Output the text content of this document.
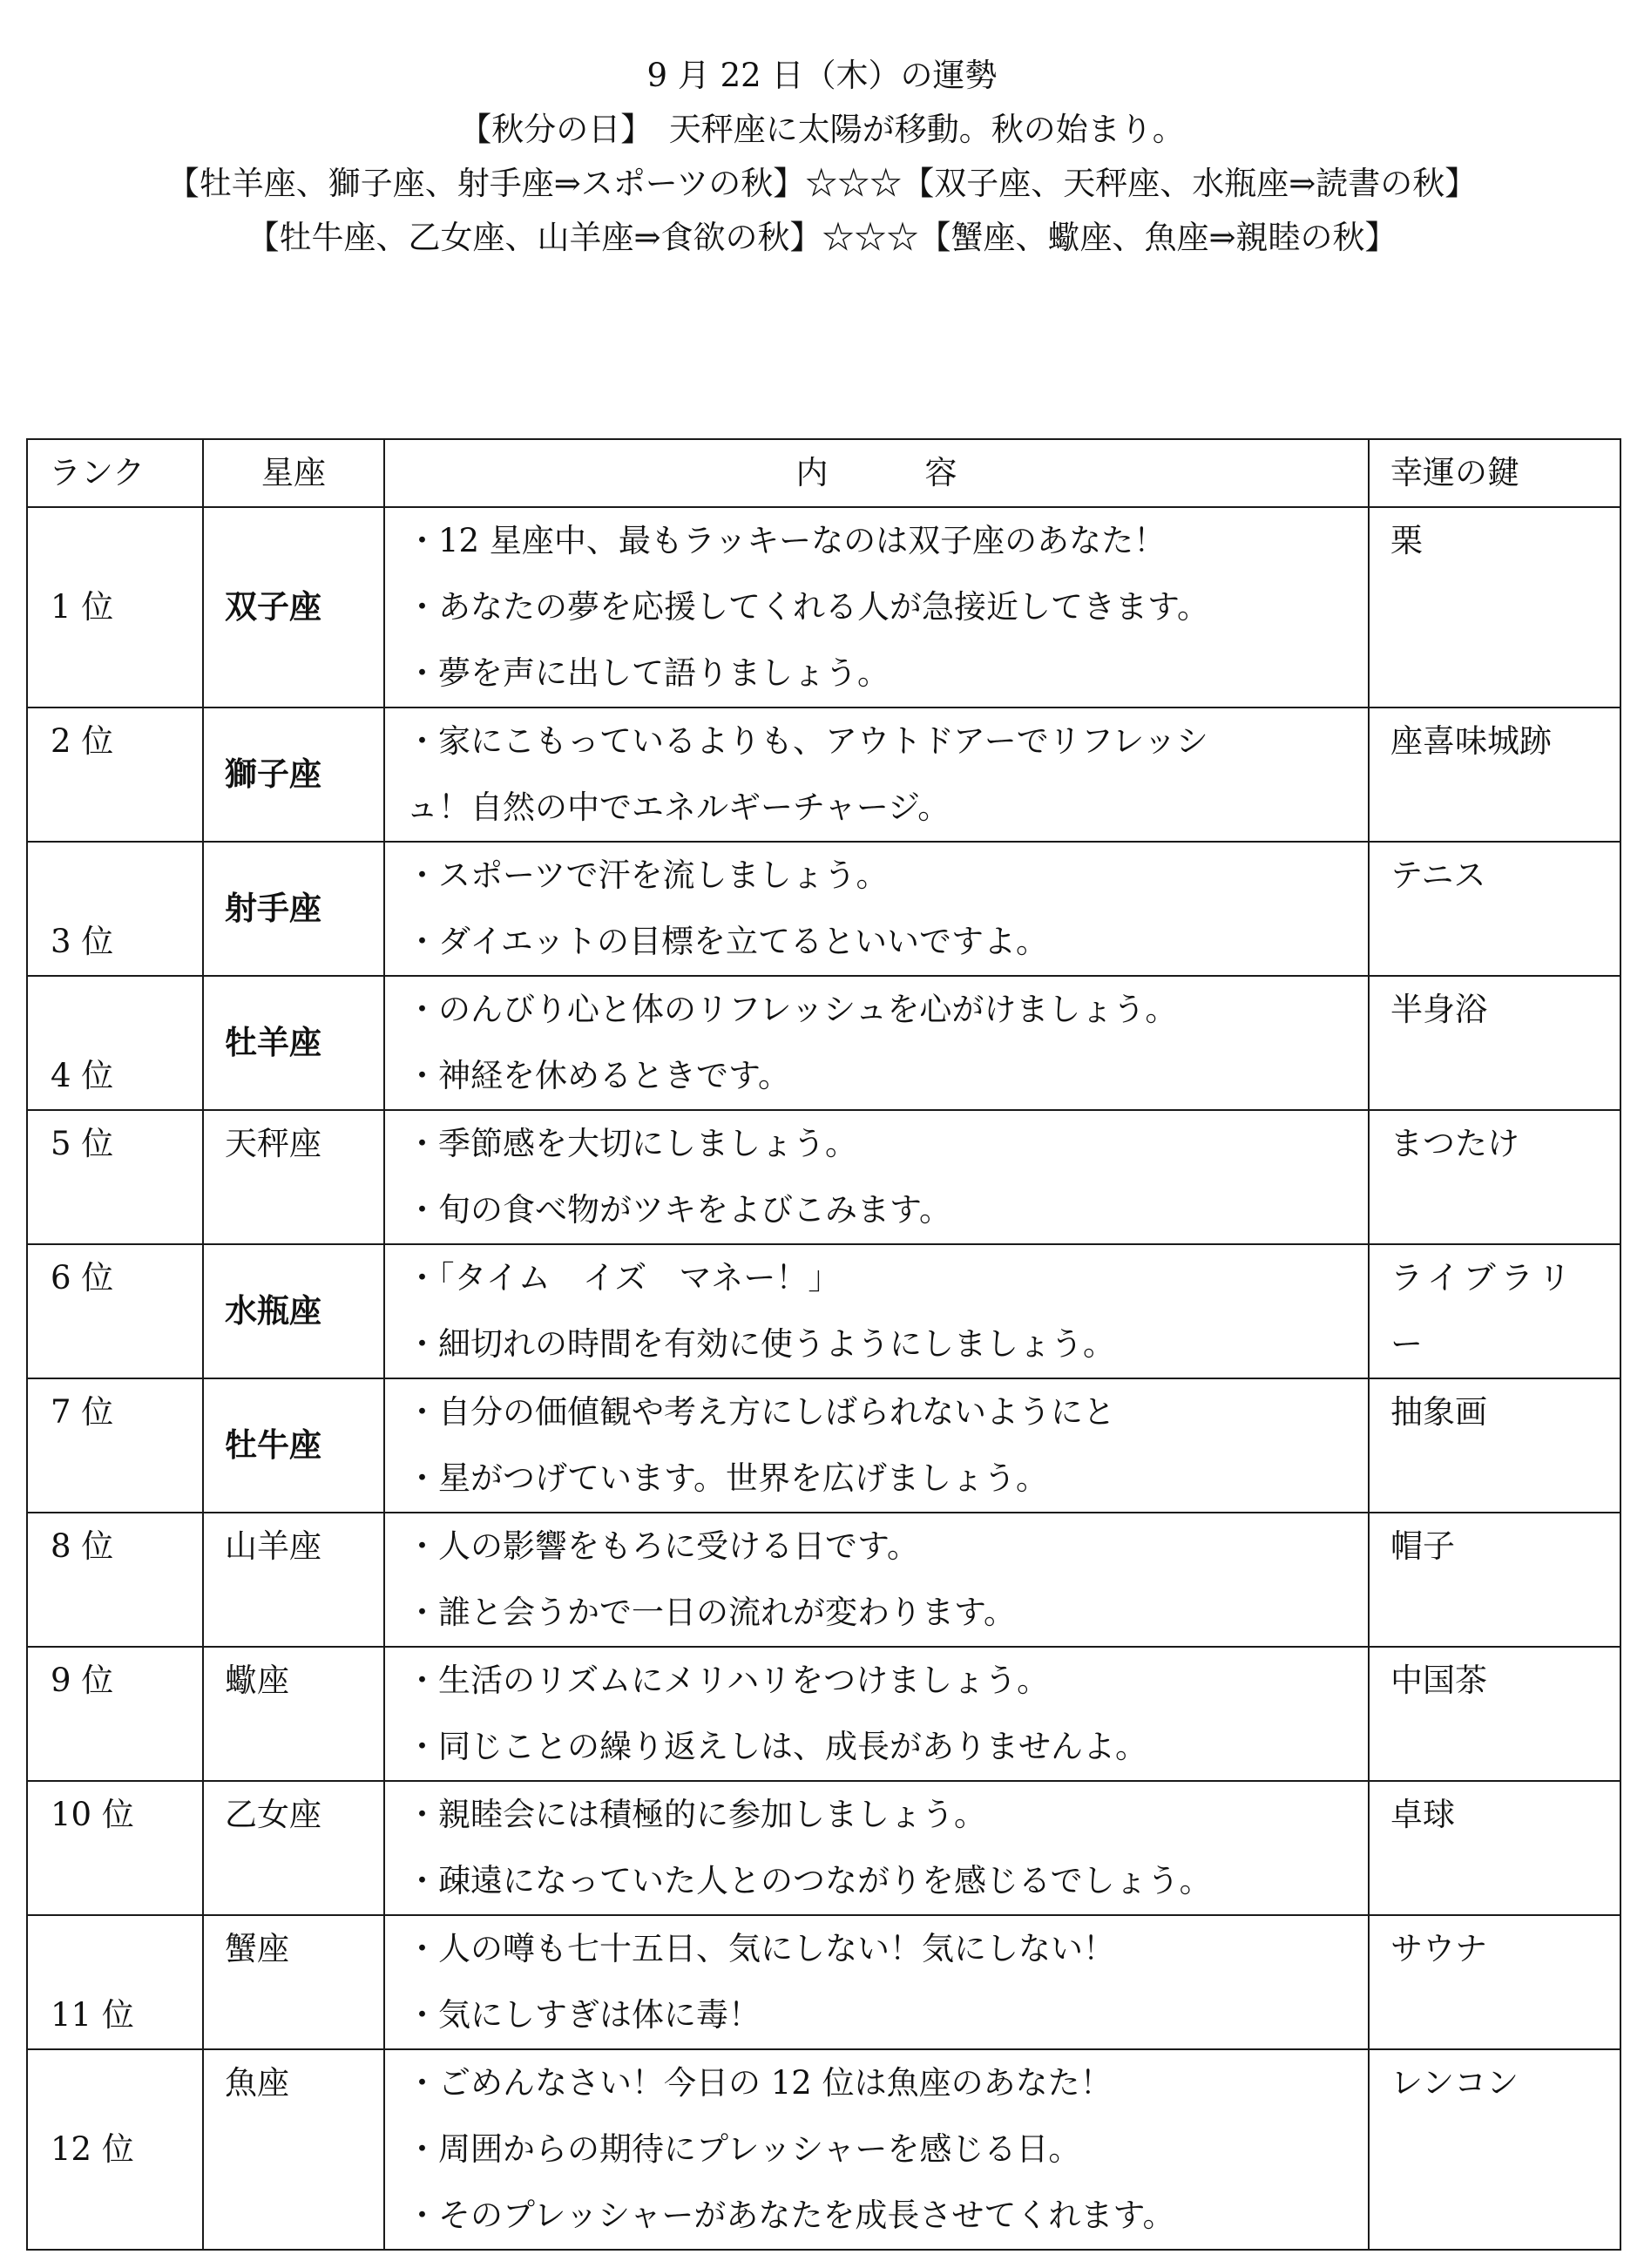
9 月 22 日（木）の運勢
【秋分の日】　天秤座に太陽が移動。秋の始まり。
【牡羊座、獅子座、射手座⇒スポーツの秋】☆☆☆【双子座、天秤座、水瓶座⇒読書の秋】
【牡牛座、乙女座、山羊座⇒食欲の秋】☆☆☆【蟹座、蠍座、魚座⇒親睦の秋】
ランク	星座	内　　　容	幸運の鍵

1 位	双子座	・12 星座中、最もラッキーなのは双子座のあなた！
・あなたの夢を応援してくれる人が急接近してきます。
・夢を声に出して語りましょう。	栗

2 位	獅子座	・家にこもっているよりも、アウトドアーでリフレッシ
ュ！自然の中でエネルギーチャージ。	座喜味城跡

3 位	射手座	・スポーツで汗を流しましょう。
・ダイエットの目標を立てるといいですよ。	テニス

4 位	牡羊座	・のんびり心と体のリフレッシュを心がけましょう。
・神経を休めるときです。	半身浴

5 位	天秤座	・季節感を大切にしましょう。
・旬の食べ物がツキをよびこみます。	まつたけ

6 位	水瓶座	・「タイム　イズ　マネー！」
・細切れの時間を有効に使うようにしましょう。	ライブラリー

7 位	牡牛座	・自分の価値観や考え方にしばられないようにと
・星がつげています。世界を広げましょう。	抽象画

8 位	山羊座	・人の影響をもろに受ける日です。
・誰と会うかで一日の流れが変わります。	帽子

9 位	蠍座	・生活のリズムにメリハリをつけましょう。
・同じことの繰り返えしは、成長がありませんよ。	中国茶

10 位	乙女座	・親睦会には積極的に参加しましょう。
・疎遠になっていた人とのつながりを感じるでしょう。	卓球

11 位	蟹座	・人の噂も七十五日、気にしない！気にしない！
・気にしすぎは体に毒！	サウナ

12 位	魚座	・ごめんなさい！今日の 12 位は魚座のあなた！
・周囲からの期待にプレッシャーを感じる日。
・そのプレッシャーがあなたを成長させてくれます。	レンコン
